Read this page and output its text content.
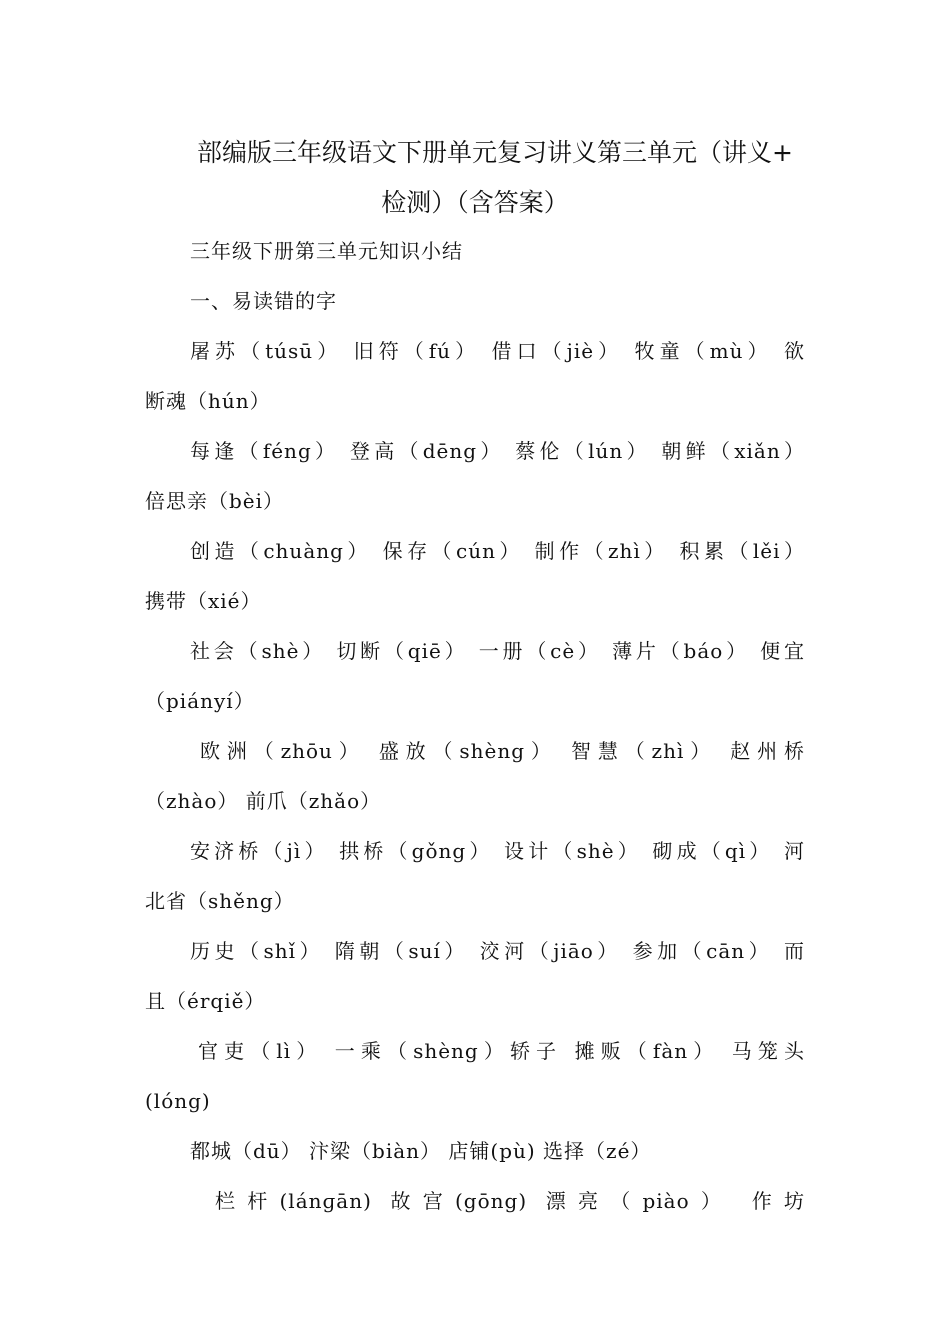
部编版三年级语文下册单元复习讲义第三单元（讲义+
检测）（含答案）
三年级下册第三单元知识小结
一、易读错的字
屠苏（túsū） 旧符（fú） 借口（jiè） 牧童（mù） 欲
断魂（hún）
每逢（féng） 登高（dēng） 蔡伦（lún） 朝鲜（xiǎn）
倍思亲（bèi）
创造（chuàng） 保存（cún） 制作（zhì） 积累（lěi）
携带（xié）
社会（shè） 切断（qiē） 一册（cè） 薄片（báo） 便宜
（piányí）
欧洲（zhōu） 盛放（shèng） 智慧（zhì） 赵州桥
（zhào） 前爪（zhǎo）
安济桥（jì） 拱桥（gǒng） 设计（shè） 砌成（qì） 河
北省（shěng）
历史（shǐ） 隋朝（suí） 洨河（jiāo） 参加（cān） 而
且（érqiě）
官吏（lì） 一乘（shèng）轿子 摊贩（fàn） 马笼头
(lóng)
都城（dū） 汴梁（biàn） 店铺(pù) 选择（zé）
栏杆(lánɡān) 故宫(gōng) 漂亮（piào） 作坊
